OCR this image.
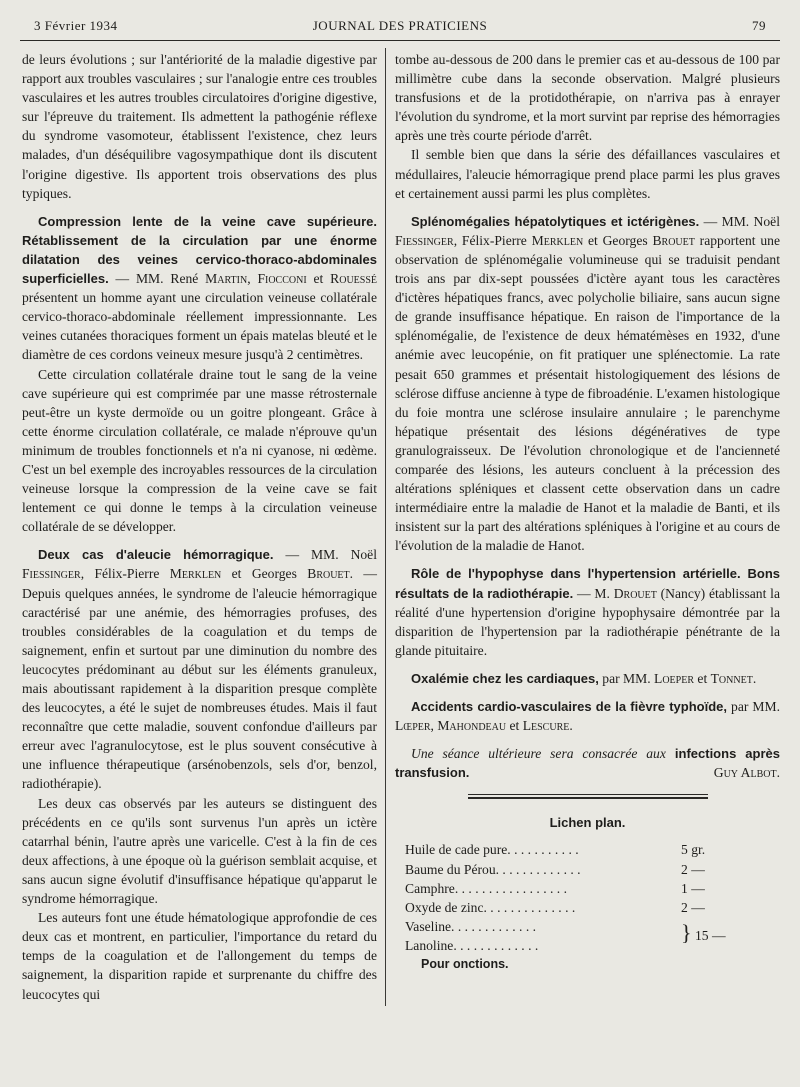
3 Février 1934	JOURNAL DES PRATICIENS	79

de leurs évolutions ; sur l'antériorité de la maladie digestive par rapport aux troubles vasculaires ; sur l'analogie entre ces troubles vasculaires et les autres troubles circulatoires d'origine digestive, sur l'épreuve du traitement. Ils admettent la pathogénie réflexe du syndrome vasomoteur, établissent l'existence, chez leurs malades, d'un déséquilibre vagosympathique dont ils discutent l'origine digestive. Ils apportent trois observations des plus typiques.

Compression lente de la veine cave supérieure. Rétablissement de la circulation par une énorme dilatation des veines cervico-thoraco-abdominales superficielles. — MM. René Martin, Fiocconi et Rouessé présentent un homme ayant une circulation veineuse collatérale cervico-thoraco-abdominale réellement impressionnante. Les veines cutanées thoraciques forment un épais matelas bleuté et le diamètre de ces cordons veineux mesure jusqu'à 2 centimètres.

Cette circulation collatérale draine tout le sang de la veine cave supérieure qui est comprimée par une masse rétrosternale peut-être un kyste dermoïde ou un goitre plongeant. Grâce à cette énorme circulation collatérale, ce malade n'éprouve qu'un minimum de troubles fonctionnels et n'a ni cyanose, ni œdème. C'est un bel exemple des incroyables ressources de la circulation veineuse lorsque la compression de la veine cave se fait lentement ce qui donne le temps à la circulation veineuse collatérale de se développer.

Deux cas d'aleucie hémorragique. — MM. Noël Fiessinger, Félix-Pierre Merklen et Georges Brouet. — Depuis quelques années, le syndrome de l'aleucie hémorragique caractérisé par une anémie, des hémorragies profuses, des troubles considérables de la coagulation et du temps de saignement, enfin et surtout par une diminution du nombre des leucocytes prédominant au début sur les éléments granuleux, mais aboutissant rapidement à la disparition presque complète des leucocytes, a été le sujet de nombreuses études. Mais il faut reconnaître que cette maladie, souvent confondue d'ailleurs par erreur avec l'agranulocytose, est le plus souvent consécutive à une influence thérapeutique (arsénobenzols, sels d'or, benzol, radiothérapie).

Les deux cas observés par les auteurs se distinguent des précédents en ce qu'ils sont survenus l'un après un ictère catarrhal bénin, l'autre après une varicelle. C'est à la fin de ces deux affections, à une époque où la guérison semblait acquise, et sans aucun signe évolutif d'insuffisance hépatique qu'apparut le syndrome hémorragique.

Les auteurs font une étude hématologique approfondie de ces deux cas et montrent, en particulier, l'importance du retard du temps de la coagulation et de l'allongement du temps de saignement, la disparition rapide et surprenante du chiffre des leucocytes qui

tombe au-dessous de 200 dans le premier cas et au-dessous de 100 par millimètre cube dans la seconde observation. Malgré plusieurs transfusions et de la protidothérapie, on n'arriva pas à enrayer l'évolution du syndrome, et la mort survint par reprise des hémorragies après une très courte période d'arrêt.

Il semble bien que dans la série des défaillances vasculaires et médullaires, l'aleucie hémorragique prend place parmi les plus graves et certainement aussi parmi les plus complètes.

Splénomégalies hépatolytiques et ictérigènes. — MM. Noël Fiessinger, Félix-Pierre Merklen et Georges Brouet rapportent une observation de splénomégalie volumineuse qui se traduisit pendant trois ans par dix-sept poussées d'ictère ayant tous les caractères d'ictères hépatiques francs, avec polycholie biliaire, sans aucun signe de grande insuffisance hépatique. En raison de l'importance de la splénomégalie, de l'existence de deux hématémèses en 1932, d'une anémie avec leucopénie, on fit pratiquer une splénectomie. La rate pesait 650 grammes et présentait histologiquement des lésions de sclérose diffuse ancienne à type de fibroadénie. L'examen histologique du foie montra une sclérose insulaire annulaire ; le parenchyme hépatique présentait des lésions dégénératives de type granulograisseux. De l'évolution chronologique et de l'ancienneté comparée des lésions, les auteurs concluent à la précession des altérations spléniques et classent cette observation dans un cadre intermédiaire entre la maladie de Hanot et la maladie de Banti, et ils insistent sur la part des altérations spléniques à l'origine et au cours de l'évolution de la maladie de Hanot.

Rôle de l'hypophyse dans l'hypertension artérielle. Bons résultats de la radiothérapie. — M. Drouet (Nancy) établissant la réalité d'une hypertension d'origine hypophysaire démontrée par la disparition de l'hypertension par la radiothérapie pénétrante de la glande pituitaire.

Oxalémie chez les cardiaques, par MM. Loeper et Tonnet.

Accidents cardio-vasculaires de la fièvre typhoïde, par MM. Lœper, Mahondeau et Lescure.

Une séance ultérieure sera consacrée aux infections après transfusion.	Guy Albot.

Lichen plan.
Huile de cade pure. . . . . . . . . . .	5 gr.
Baume du Pérou. . . . . . . . . . . . .	2 —
Camphre. . . . . . . . . . . . . . . . .	1 —
Oxyde de zinc. . . . . . . . . . . . . .	2 —
Vaseline. . . . . . . . . . . . .	} 15 —
Lanoline. . . . . . . . . . . . .	
Pour onctions.
